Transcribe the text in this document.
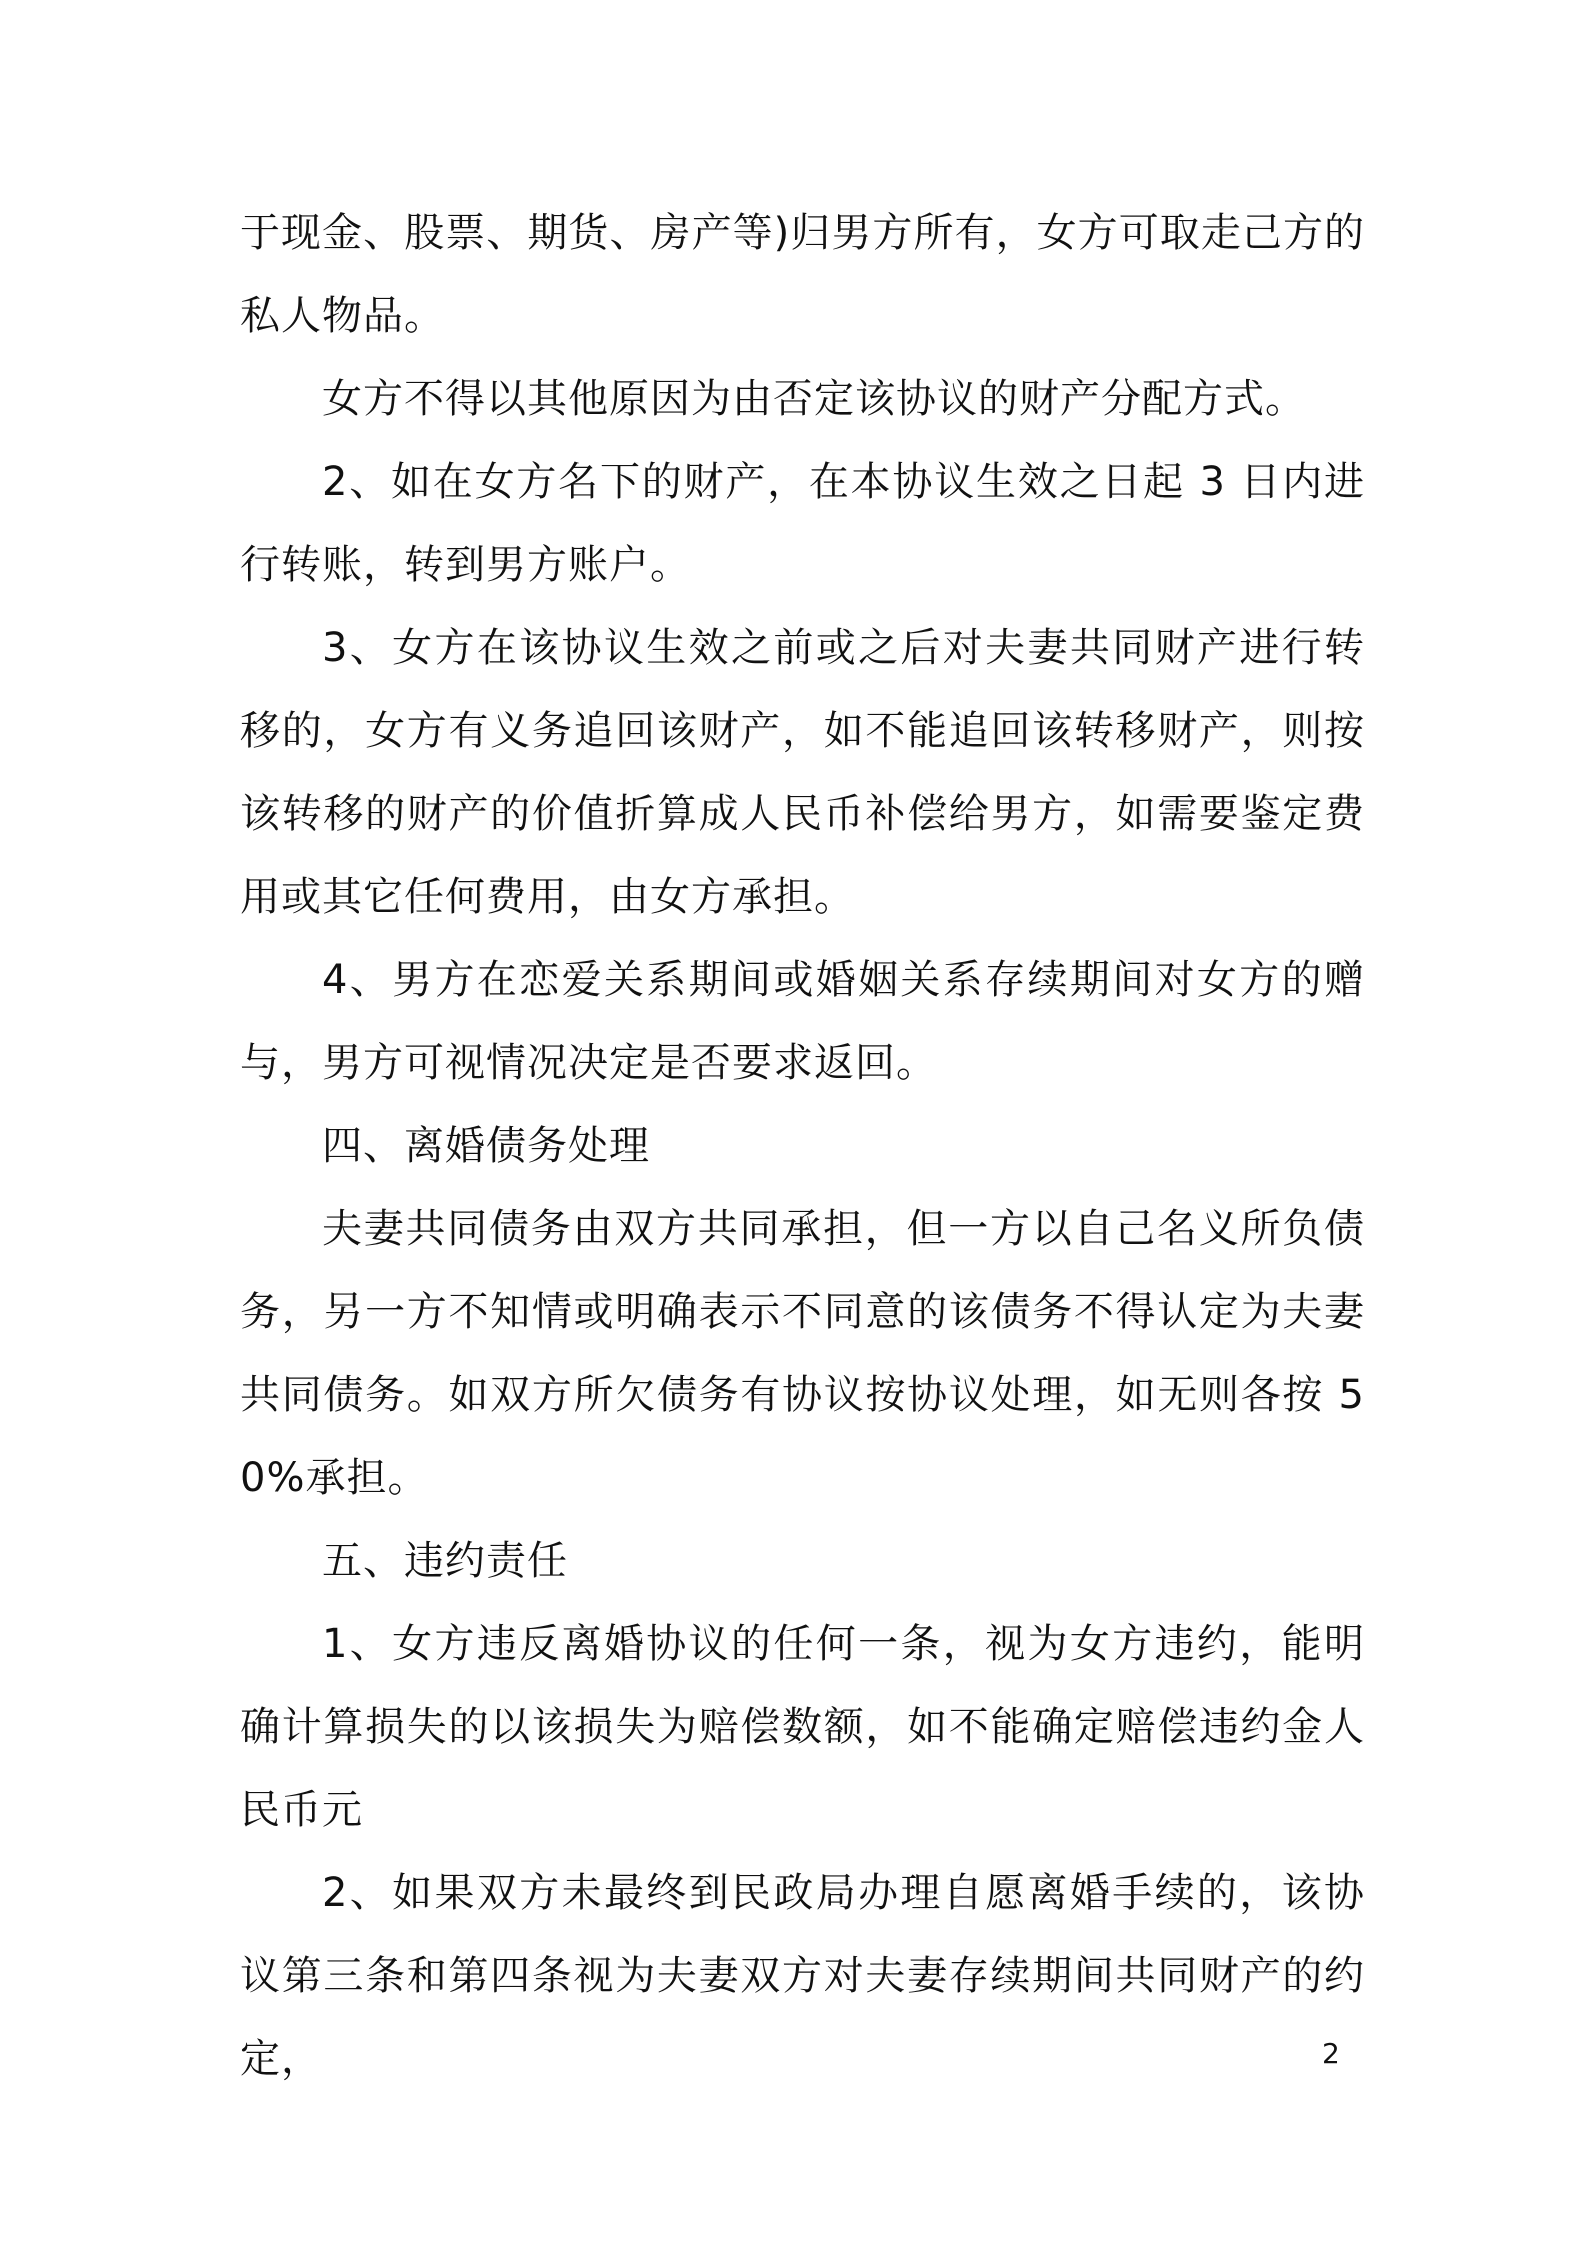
于现金、股票、期货、房产等)归男方所有，女方可取走己方的私人物品。

女方不得以其他原因为由否定该协议的财产分配方式。

2、如在女方名下的财产，在本协议生效之日起 3 日内进行转账，转到男方账户。

3、女方在该协议生效之前或之后对夫妻共同财产进行转移的，女方有义务追回该财产，如不能追回该转移财产，则按该转移的财产的价值折算成人民币补偿给男方，如需要鉴定费用或其它任何费用，由女方承担。

4、男方在恋爱关系期间或婚姻关系存续期间对女方的赠与，男方可视情况决定是否要求返回。

四、离婚债务处理

夫妻共同债务由双方共同承担，但一方以自己名义所负债务，另一方不知情或明确表示不同意的该债务不得认定为夫妻共同债务。如双方所欠债务有协议按协议处理，如无则各按 50%承担。

五、违约责任

1、女方违反离婚协议的任何一条，视为女方违约，能明确计算损失的以该损失为赔偿数额，如不能确定赔偿违约金人民币元

2、如果双方未最终到民政局办理自愿离婚手续的，该协议第三条和第四条视为夫妻双方对夫妻存续期间共同财产的约定，	2
